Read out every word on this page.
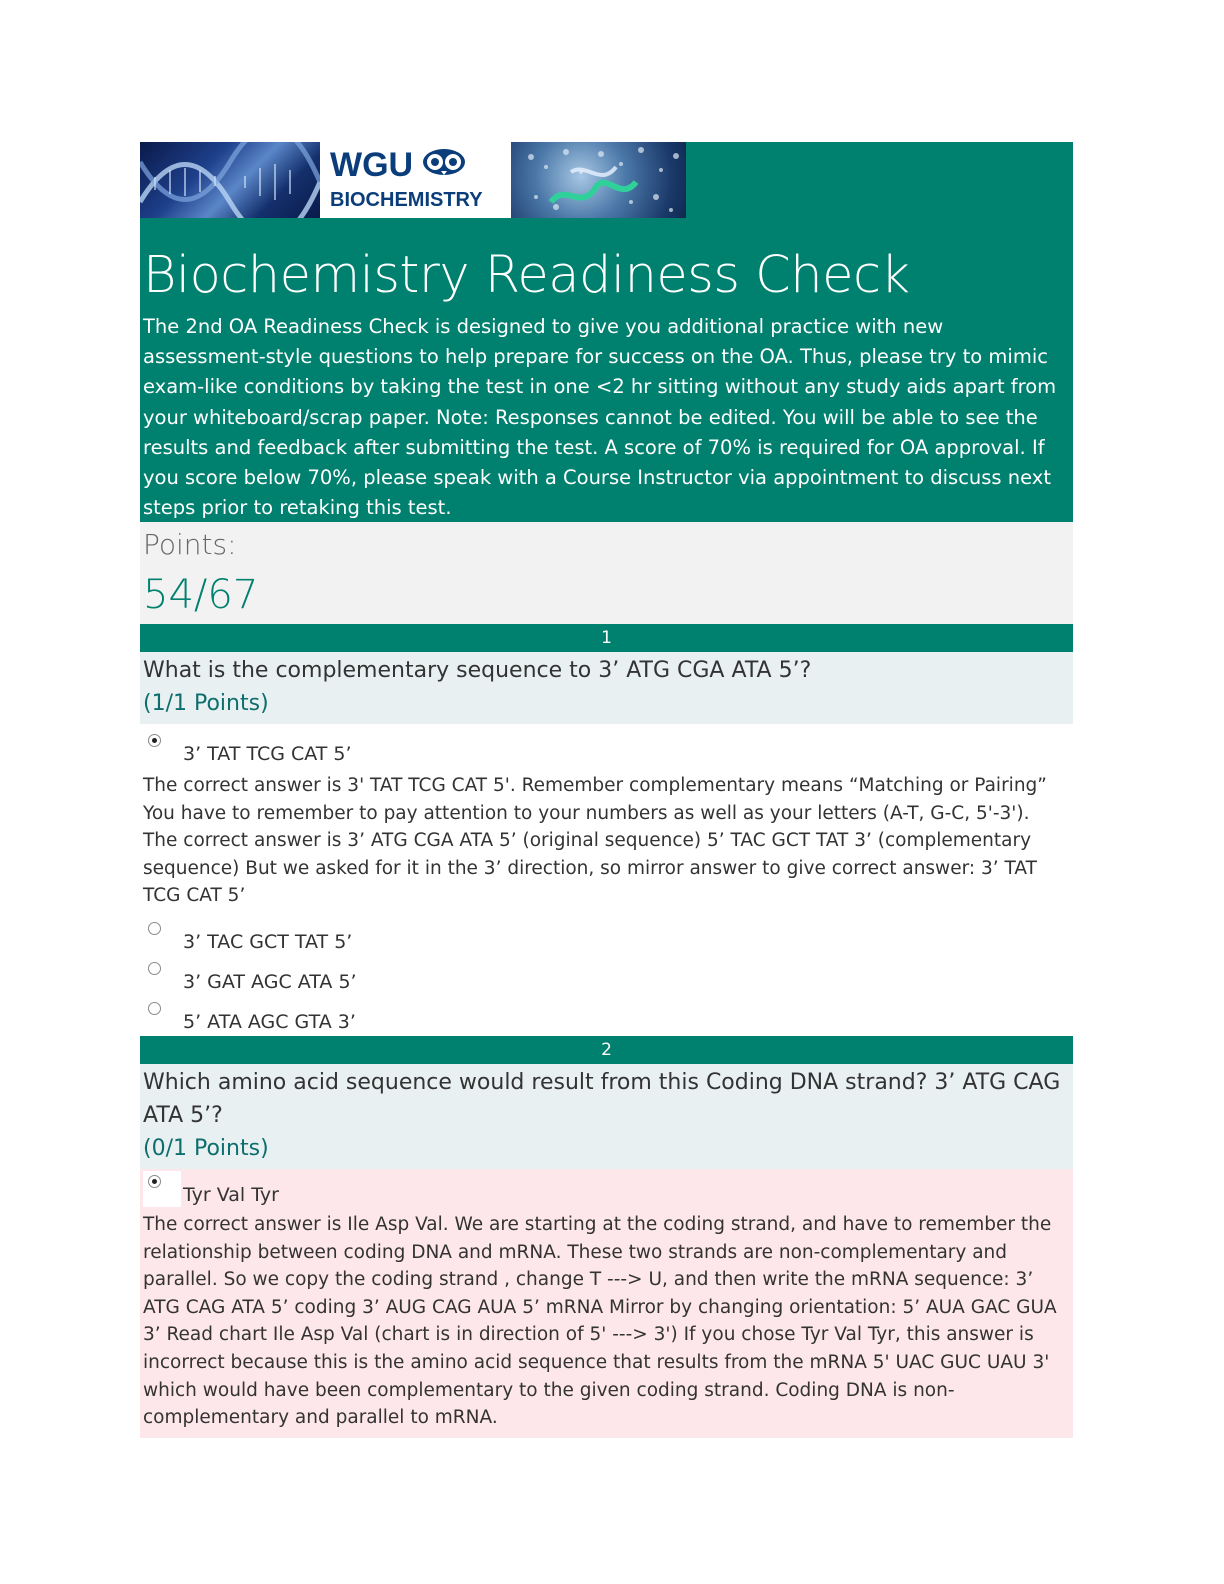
WGU
BIOCHEMISTRY
Biochemistry Readiness Check

The 2nd OA Readiness Check is designed to give you additional practice with new assessment-style questions to help prepare for success on the OA. Thus, please try to mimic exam-like conditions by taking the test in one <2 hr sitting without any study aids apart from your whiteboard/scrap paper. Note: Responses cannot be edited. You will be able to see the results and feedback after submitting the test. A score of 70% is required for OA approval. If you score below 70%, please speak with a Course Instructor via appointment to discuss next steps prior to retaking this test.

Points:
54/67
1
What is the complementary sequence to 3’ ATG CGA ATA 5’?
(1/1 Points)
3’ TAT TCG CAT 5’
The correct answer is 3' TAT TCG CAT 5'. Remember complementary means “Matching or Pairing” You have to remember to pay attention to your numbers as well as your letters (A-T, G-C, 5'-3'). The correct answer is 3’ ATG CGA ATA 5’ (original sequence) 5’ TAC GCT TAT 3’ (complementary sequence) But we asked for it in the 3’ direction, so mirror answer to give correct answer: 3’ TAT TCG CAT 5’
3’ TAC GCT TAT 5’
3’ GAT AGC ATA 5’
5’ ATA AGC GTA 3’
2
Which amino acid sequence would result from this Coding DNA strand? 3’ ATG CAG ATA 5’?
(0/1 Points)
Tyr Val Tyr
The correct answer is Ile Asp Val. We are starting at the coding strand, and have to remember the relationship between coding DNA and mRNA. These two strands are non-complementary and parallel. So we copy the coding strand , change T ---> U, and then write the mRNA sequence: 3’ ATG CAG ATA 5’ coding 3’ AUG CAG AUA 5’ mRNA Mirror by changing orientation: 5’ AUA GAC GUA 3’ Read chart Ile Asp Val (chart is in direction of 5' ---> 3') If you chose Tyr Val Tyr, this answer is incorrect because this is the amino acid sequence that results from the mRNA 5' UAC GUC UAU 3' which would have been complementary to the given coding strand. Coding DNA is non-complementary and parallel to mRNA.
